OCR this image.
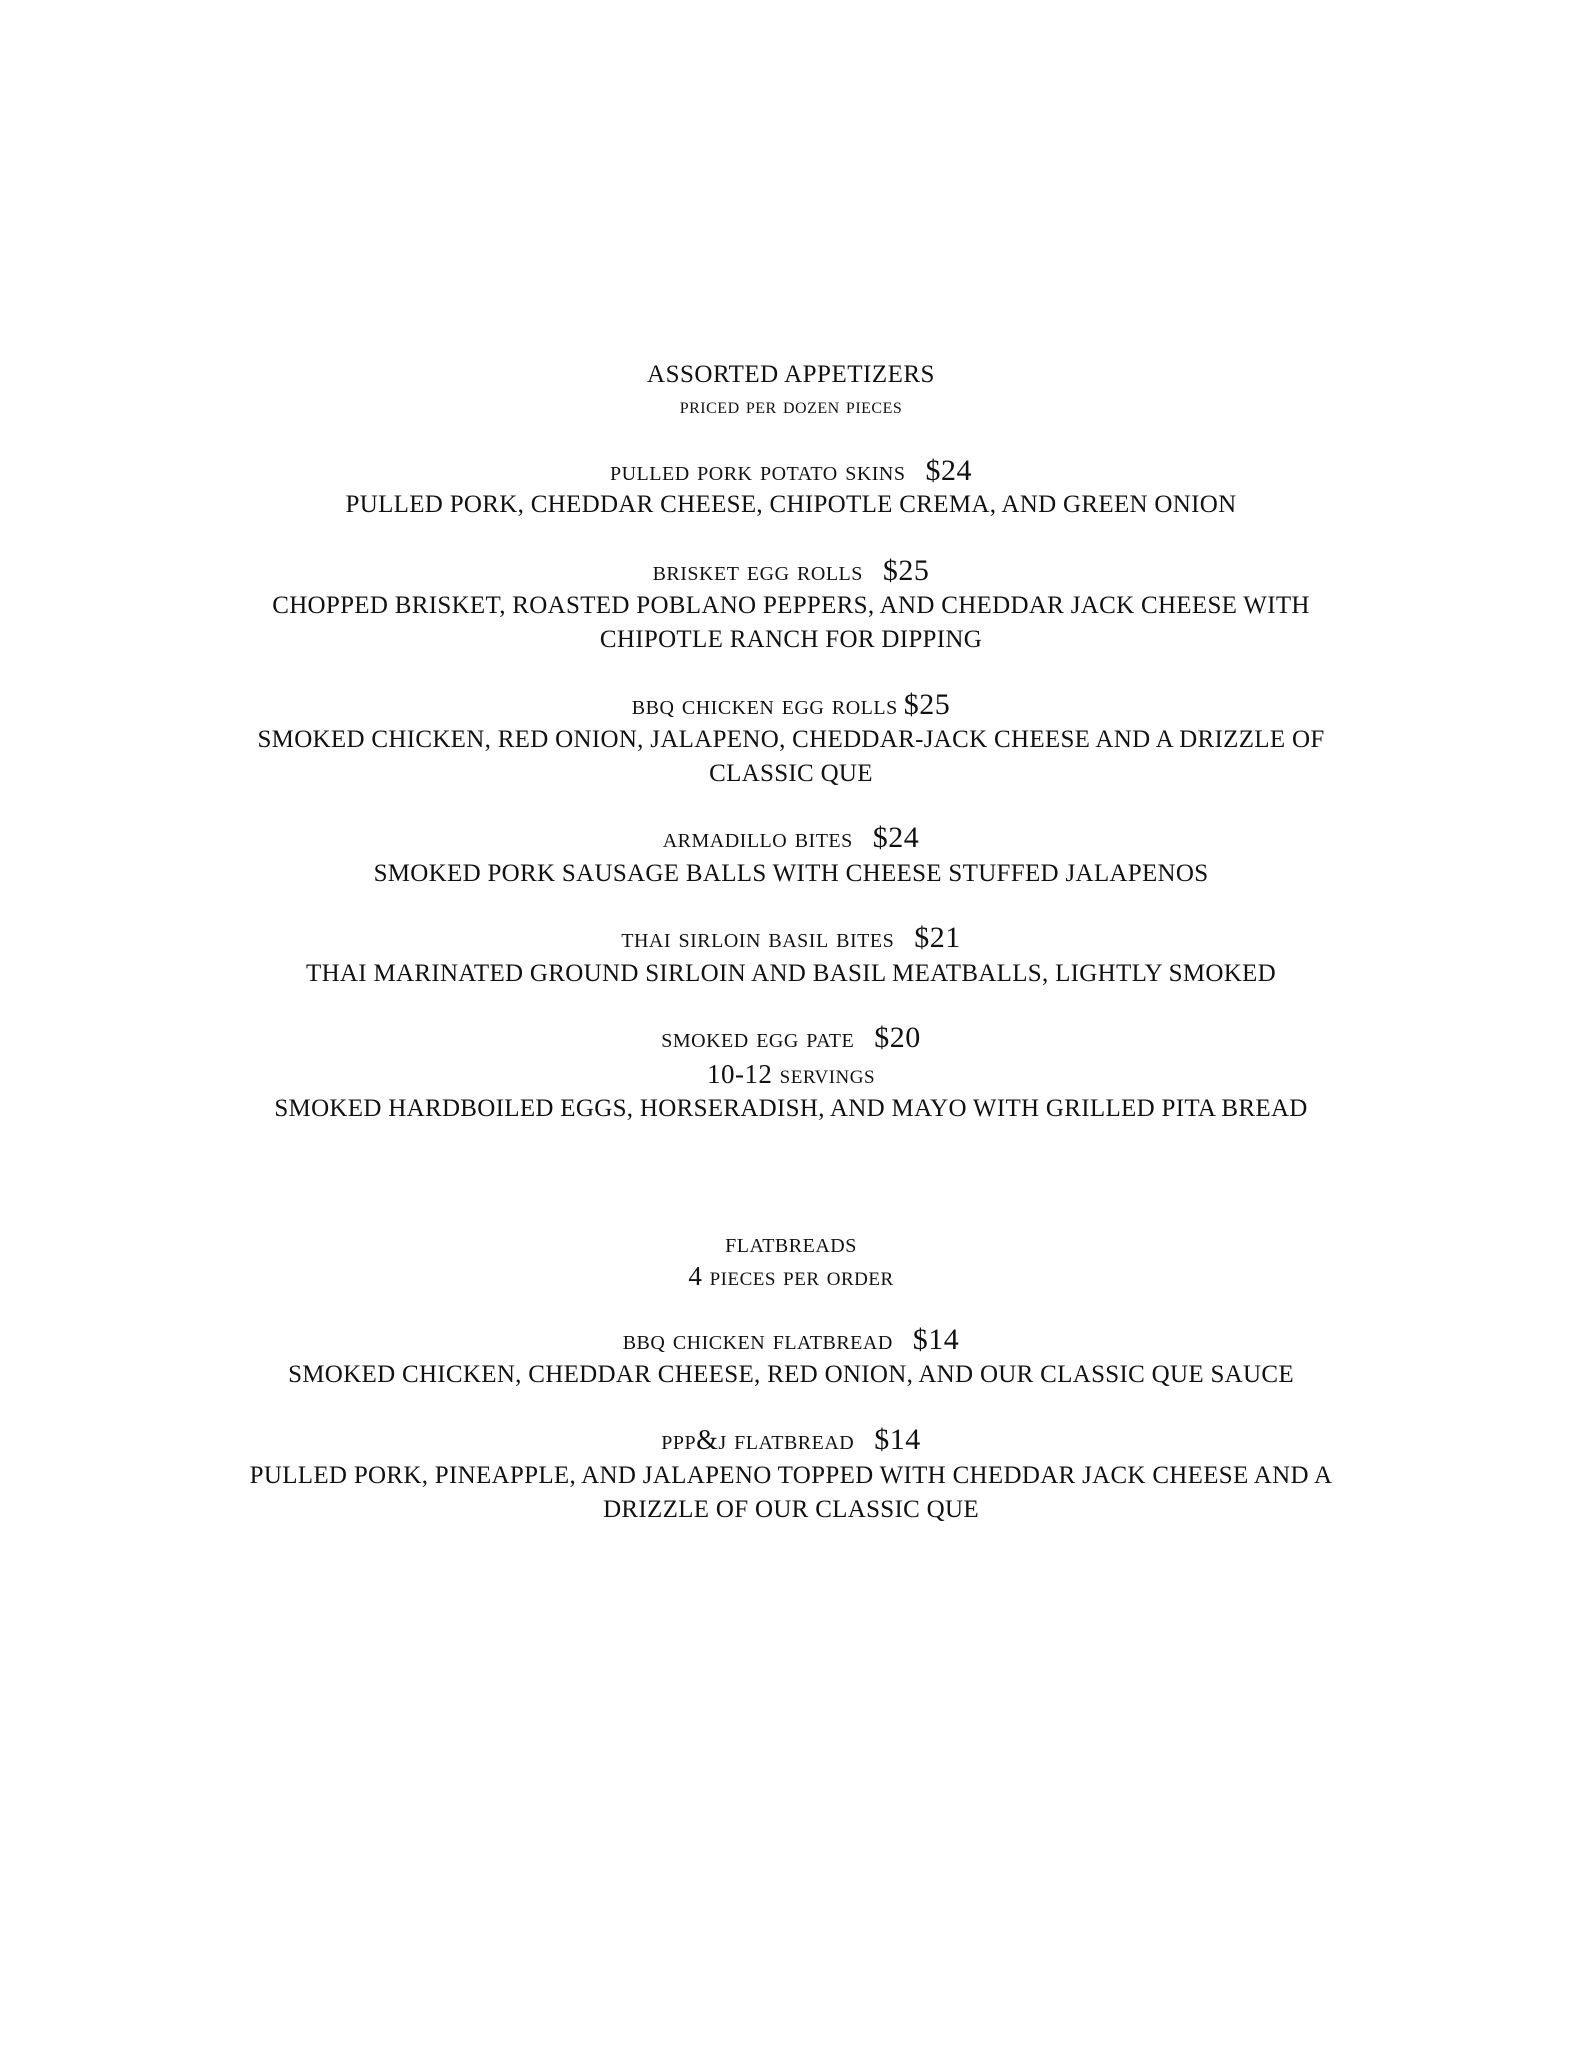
ASSORTED APPETIZERS
priced per dozen pieces
pulled pork potato skins $24
PULLED PORK, CHEDDAR CHEESE, CHIPOTLE CREMA, AND GREEN ONION
brisket egg rolls $25
CHOPPED BRISKET, ROASTED POBLANO PEPPERS, AND CHEDDAR JACK CHEESE WITH
CHIPOTLE RANCH FOR DIPPING
bbq chicken egg rolls $25
SMOKED CHICKEN, RED ONION, JALAPENO, CHEDDAR-JACK CHEESE AND A DRIZZLE OF
CLASSIC QUE
armadillo bites $24
SMOKED PORK SAUSAGE BALLS WITH CHEESE STUFFED JALAPENOS
thai sirloin basil bites $21
THAI MARINATED GROUND SIRLOIN AND BASIL MEATBALLS, LIGHTLY SMOKED
smoked egg pate $20
10-12 servings
SMOKED HARDBOILED EGGS, HORSERADISH, AND MAYO WITH GRILLED PITA BREAD
flatbreads
4 pieces per order
bbq chicken flatbread $14
SMOKED CHICKEN, CHEDDAR CHEESE, RED ONION, AND OUR CLASSIC QUE SAUCE
ppp&j flatbread $14
PULLED PORK, PINEAPPLE, AND JALAPENO TOPPED WITH CHEDDAR JACK CHEESE AND A
DRIZZLE OF OUR CLASSIC QUE
